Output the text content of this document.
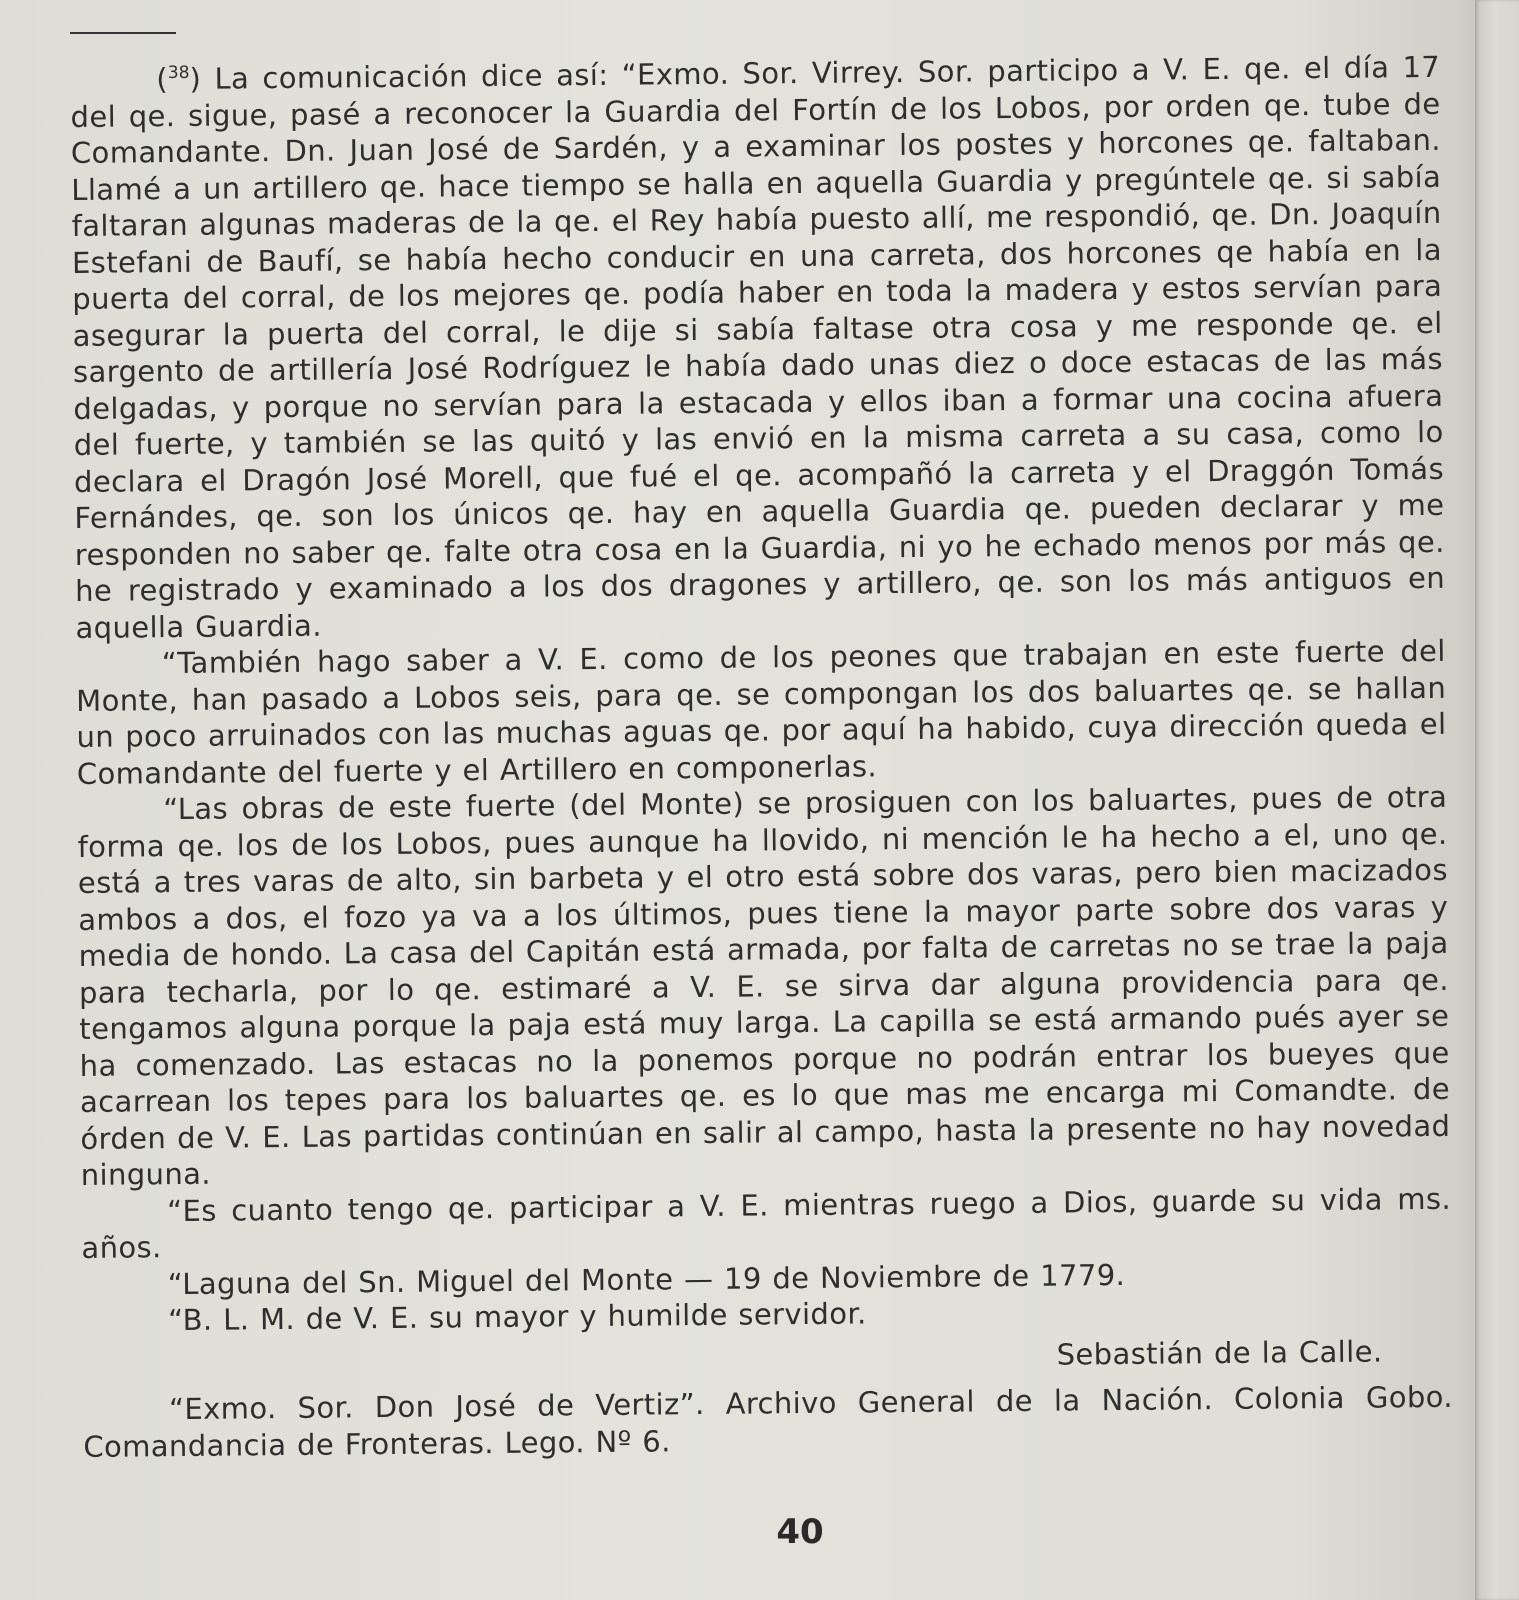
($^{38}$) La comunicación dice así: “Exmo. Sor. Virrey. Sor. participo a V. E. qe. el día 17 del qe. sigue, pasé a reconocer la Guardia del Fortín de los Lobos, por orden qe. tube de Comandante. Dn. Juan José de Sardén, y a examinar los postes y horcones qe. faltaban. Llamé a un artillero qe. hace tiempo se halla en aquella Guardia y pregúntele qe. si sabía faltaran algunas maderas de la qe. el Rey había puesto allí, me respondió, qe. Dn. Joaquín Estefani de Baufí, se había hecho conducir en una carreta, dos horcones qe había en la puerta del corral, de los mejores qe. podía haber en toda la madera y estos servían para asegurar la puerta del corral, le dije si sabía faltase otra cosa y me responde qe. el sargento de artillería José Rodríguez le había dado unas diez o doce estacas de las más delgadas, y porque no servían para la estacada y ellos iban a formar una cocina afuera del fuerte, y también se las quitó y las envió en la misma carreta a su casa, como lo declara el Dragón José Morell, que fué el qe. acompañó la carreta y el Draggón Tomás Fernándes, qe. son los únicos qe. hay en aquella Guardia qe. pueden declarar y me responden no saber qe. falte otra cosa en la Guardia, ni yo he echado menos por más qe. he registrado y examinado a los dos dragones y artillero, qe. son los más antiguos en aquella Guardia.

“También hago saber a V. E. como de los peones que trabajan en este fuerte del Monte, han pasado a Lobos seis, para qe. se compongan los dos baluartes qe. se hallan un poco arruinados con las muchas aguas qe. por aquí ha habido, cuya dirección queda el Comandante del fuerte y el Artillero en componerlas.

“Las obras de este fuerte (del Monte) se prosiguen con los baluartes, pues de otra forma qe. los de los Lobos, pues aunque ha llovido, ni mención le ha hecho a el, uno qe. está a tres varas de alto, sin barbeta y el otro está sobre dos varas, pero bien macizados ambos a dos, el fozo ya va a los últimos, pues tiene la mayor parte sobre dos varas y media de hondo. La casa del Capitán está armada, por falta de carretas no se trae la paja para techarla, por lo qe. estimaré a V. E. se sirva dar alguna providencia para qe. tengamos alguna porque la paja está muy larga. La capilla se está armando pués ayer se ha comenzado. Las estacas no la ponemos porque no podrán entrar los bueyes que acarrean los tepes para los baluartes qe. es lo que mas me encarga mi Comandte. de órden de V. E. Las partidas continúan en salir al campo, hasta la presente no hay novedad ninguna.

“Es cuanto tengo qe. participar a V. E. mientras ruego a Dios, guarde su vida ms. años.

“Laguna del Sn. Miguel del Monte — 19 de Noviembre de 1779.

“B. L. M. de V. E. su mayor y humilde servidor.

Sebastián de la Calle.

“Exmo. Sor. Don José de Vertiz”. Archivo General de la Nación. Colonia Gobo. Comandancia de Fronteras. Lego. Nº 6.

40
